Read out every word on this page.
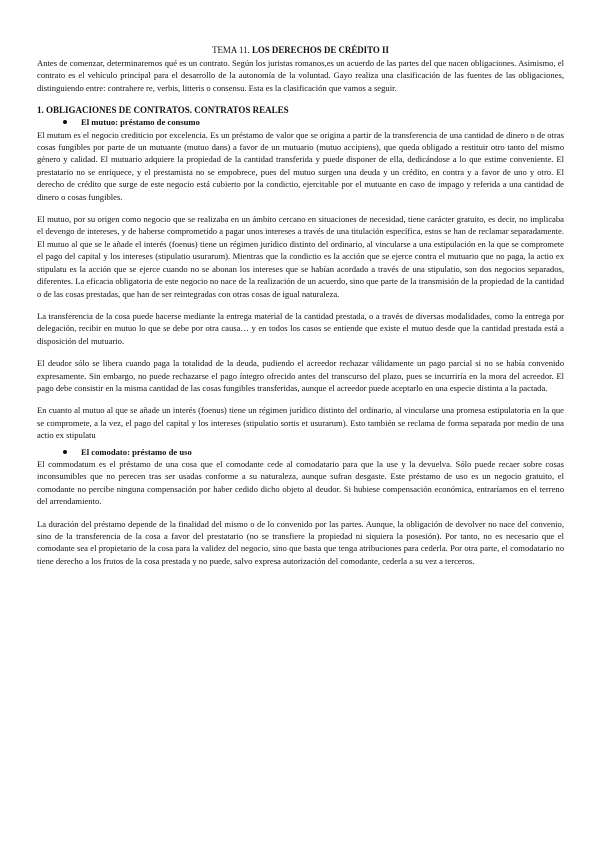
TEMA 11. LOS DERECHOS DE CRÉDITO II

Antes de comenzar, determinaremos qué es un contrato. Según los juristas romanos,es un acuerdo de las partes del que nacen obligaciones. Asimismo, el contrato es el vehículo principal para el desarrollo de la autonomía de la voluntad. Gayo realiza una clasificación de las fuentes de las obligaciones, distinguiendo entre: contrahere re, verbis, litteris o consensu. Esta es la clasificación que vamos a seguir.

1. OBLIGACIONES DE CONTRATOS. CONTRATOS REALES
El mutuo: préstamo de consumo

El mutum es el negocio crediticio por excelencia. Es un préstamo de valor que se origina a partir de la transferencia de una cantidad de dinero o de otras cosas fungibles por parte de un mutuante (mutuo dans) a favor de un mutuario (mutuo accipiens), que queda obligado a restituir otro tanto del mismo género y calidad. El mutuario adquiere la propiedad de la cantidad transferida y puede disponer de ella, dedicándose a lo que estime conveniente. El prestatario no se enriquece, y el prestamista no se empobrece, pues del mutuo surgen una deuda y un crédito, en contra y a favor de uno y otro. El derecho de crédito que surge de este negocio está cubierto por la condictio, ejercitable por el mutuante en caso de impago y referida a una cantidad de dinero o cosas fungibles.

El mutuo, por su origen como negocio que se realizaba en un ámbito cercano en situaciones de necesidad, tiene carácter gratuito, es decir, no implicaba el devengo de intereses, y de haberse comprometido a pagar unos intereses a través de una titulación específica, estos se han de reclamar separadamente. El mutuo al que se le añade el interés (foenus) tiene un régimen jurídico distinto del ordinario, al vincularse a una estipulación en la que se compromete el pago del capital y los intereses (stipulatio usurarum). Mientras que la condictio es la acción que se ejerce contra el mutuario que no paga, la actio ex stipulatu es la acción que se ejerce cuando no se abonan los intereses que se habían acordado a través de una stipulatio, son dos negocios separados, diferentes. La eficacia obligatoria de este negocio no nace de la realización de un acuerdo, sino que parte de la transmisión de la propiedad de la cantidad o de las cosas prestadas, que han de ser reintegradas con otras cosas de igual naturaleza.

La transferencia de la cosa puede hacerse mediante la entrega material de la cantidad prestada, o a través de diversas modalidades, como la entrega por delegación, recibir en mutuo lo que se debe por otra causa… y en todos los casos se entiende que existe el mutuo desde que la cantidad prestada está a disposición del mutuario.

El deudor sólo se libera cuando paga la totalidad de la deuda, pudiendo el acreedor rechazar válidamente un pago parcial si no se había convenido expresamente. Sin embargo, no puede rechazarse el pago íntegro ofrecido antes del transcurso del plazo, pues se incurriría en la mora del acreedor. El pago debe consistir en la misma cantidad de las cosas fungibles transferidas, aunque el acreedor puede aceptarlo en una especie distinta a la pactada.

En cuanto al mutuo al que se añade un interés (foenus) tiene un régimen jurídico distinto del ordinario, al vincularse una promesa estipulatoria en la que se compromete, a la vez, el pago del capital y los intereses (stipulatio sortis et usurarum). Esto también se reclama de forma separada por medio de una actio ex stipulatu

El comodato: préstamo de uso

El commodatum es el préstamo de una cosa que el comodante cede al comodatario para que la use y la devuelva. Sólo puede recaer sobre cosas inconsumibles que no perecen tras ser usadas conforme a su naturaleza, aunque sufran desgaste. Este préstamo de uso es un negocio gratuito, el comodante no percibe ninguna compensación por haber cedido dicho objeto al deudor. Si hubiese compensación económica, entraríamos en el terreno del arrendamiento.

La duración del préstamo depende de la finalidad del mismo o de lo convenido por las partes. Aunque, la obligación de devolver no nace del convenio, sino de la transferencia de la cosa a favor del prestatario (no se transfiere la propiedad ni siquiera la posesión). Por tanto, no es necesario que el comodante sea el propietario de la cosa para la validez del negocio, sino que basta que tenga atribuciones para cederla. Por otra parte, el comodatario no tiene derecho a los frutos de la cosa prestada y no puede, salvo expresa autorización del comodante, cederla a su vez a terceros.
